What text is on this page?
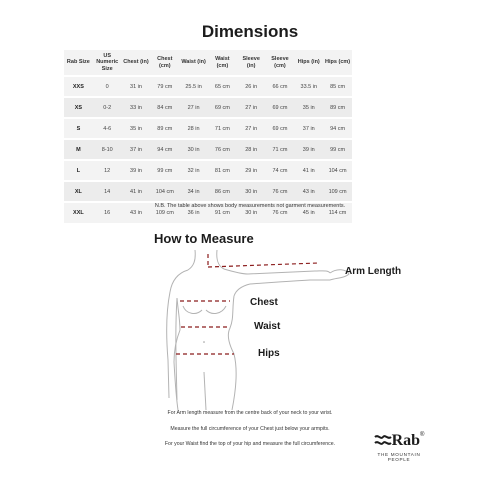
Dimensions
Rab Size	US Numeric Size	Chest (in)	Chest (cm)	Waist (in)	Waist (cm)	Sleeve (in)	Sleeve (cm)	Hips (in)	Hips (cm)
XXS	0	31 in	79 cm	25.5 in	65 cm	26 in	66 cm	33.5 in	85 cm
XS	0-2	33 in	84 cm	27 in	69 cm	27 in	69 cm	35 in	89 cm
S	4-6	35 in	89 cm	28 in	71 cm	27 in	69 cm	37 in	94 cm
M	8-10	37 in	94 cm	30 in	76 cm	28 in	71 cm	39 in	99 cm
L	12	39 in	99 cm	32 in	81 cm	29 in	74 cm	41 in	104 cm
XL	14	41 in	104 cm	34 in	86 cm	30 in	76 cm	43 in	109 cm
XXL	16	43 in	109 cm	36 in	91 cm	30 in	76 cm	45 in	114 cm
N.B. The table above shows body measurements not garment measurements.
How to Measure
Arm Length
Chest
Waist
Hips
For Arm length measure from the centre back of your neck to your wrist.
Measure the full circumference of your Chest just below your armpits.
For your Waist find the top of your hip and measure the full circumference.	Rab®
THE MOUNTAIN
PEOPLE
